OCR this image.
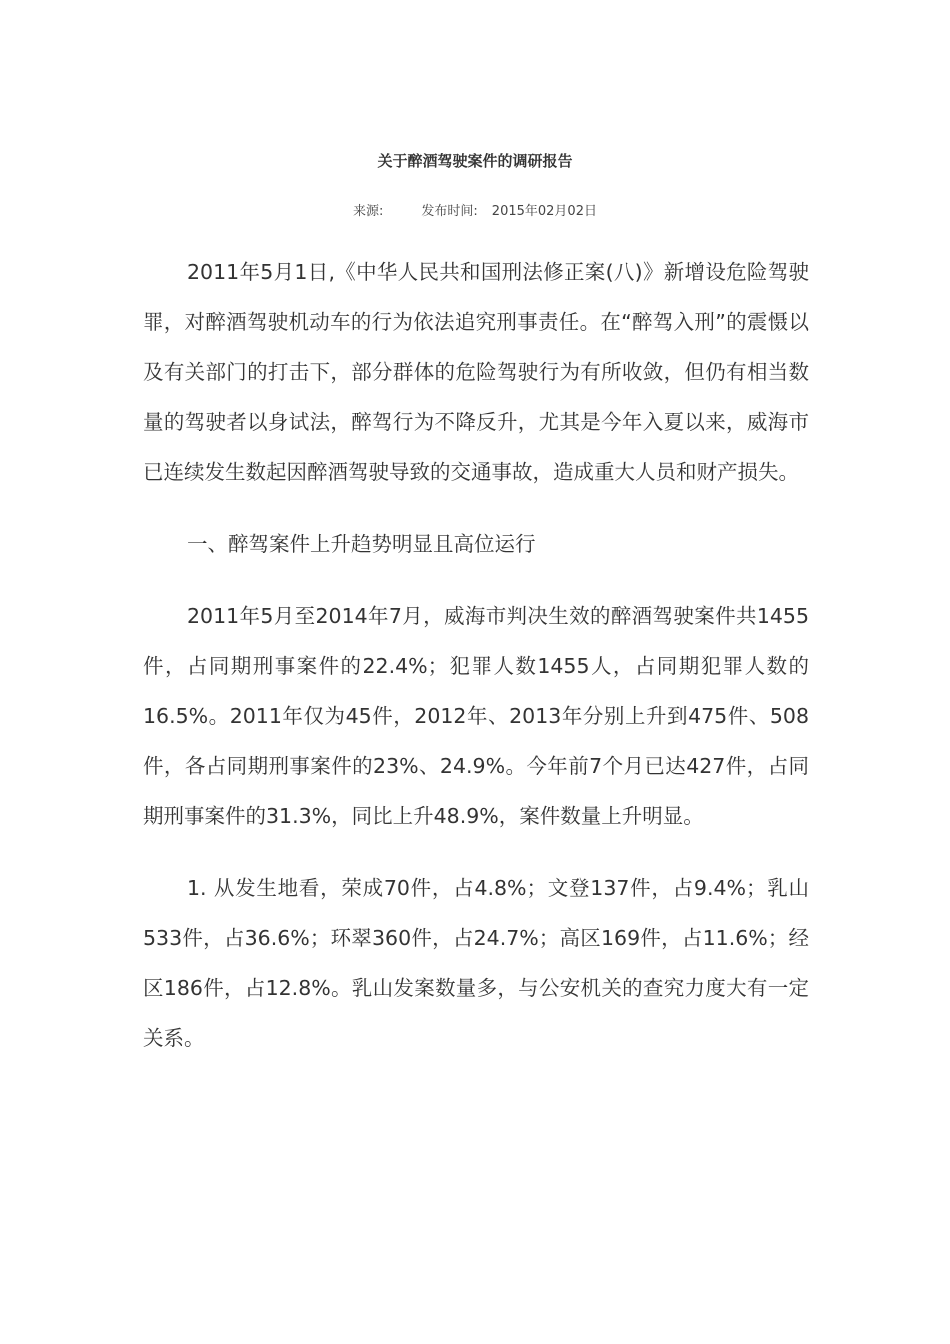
关于醉酒驾驶案件的调研报告
来源:	发布时间: 2015年02月02日

2011年5月1日,《中华人民共和国刑法修正案(八)》新增设危险驾驶罪，对醉酒驾驶机动车的行为依法追究刑事责任。在“醉驾入刑”的震慑以及有关部门的打击下，部分群体的危险驾驶行为有所收敛，但仍有相当数量的驾驶者以身试法，醉驾行为不降反升，尤其是今年入夏以来，威海市已连续发生数起因醉酒驾驶导致的交通事故，造成重大人员和财产损失。

一、醉驾案件上升趋势明显且高位运行

2011年5月至2014年7月，威海市判决生效的醉酒驾驶案件共1455件，占同期刑事案件的22.4%；犯罪人数1455人，占同期犯罪人数的16.5%。2011年仅为45件，2012年、2013年分别上升到475件、508件，各占同期刑事案件的23%、24.9%。今年前7个月已达427件，占同期刑事案件的31.3%，同比上升48.9%，案件数量上升明显。

1. 从发生地看，荣成70件，占4.8%；文登137件，占9.4%；乳山533件，占36.6%；环翠360件，占24.7%；高区169件，占11.6%；经区186件，占12.8%。乳山发案数量多，与公安机关的查究力度大有一定关系。
